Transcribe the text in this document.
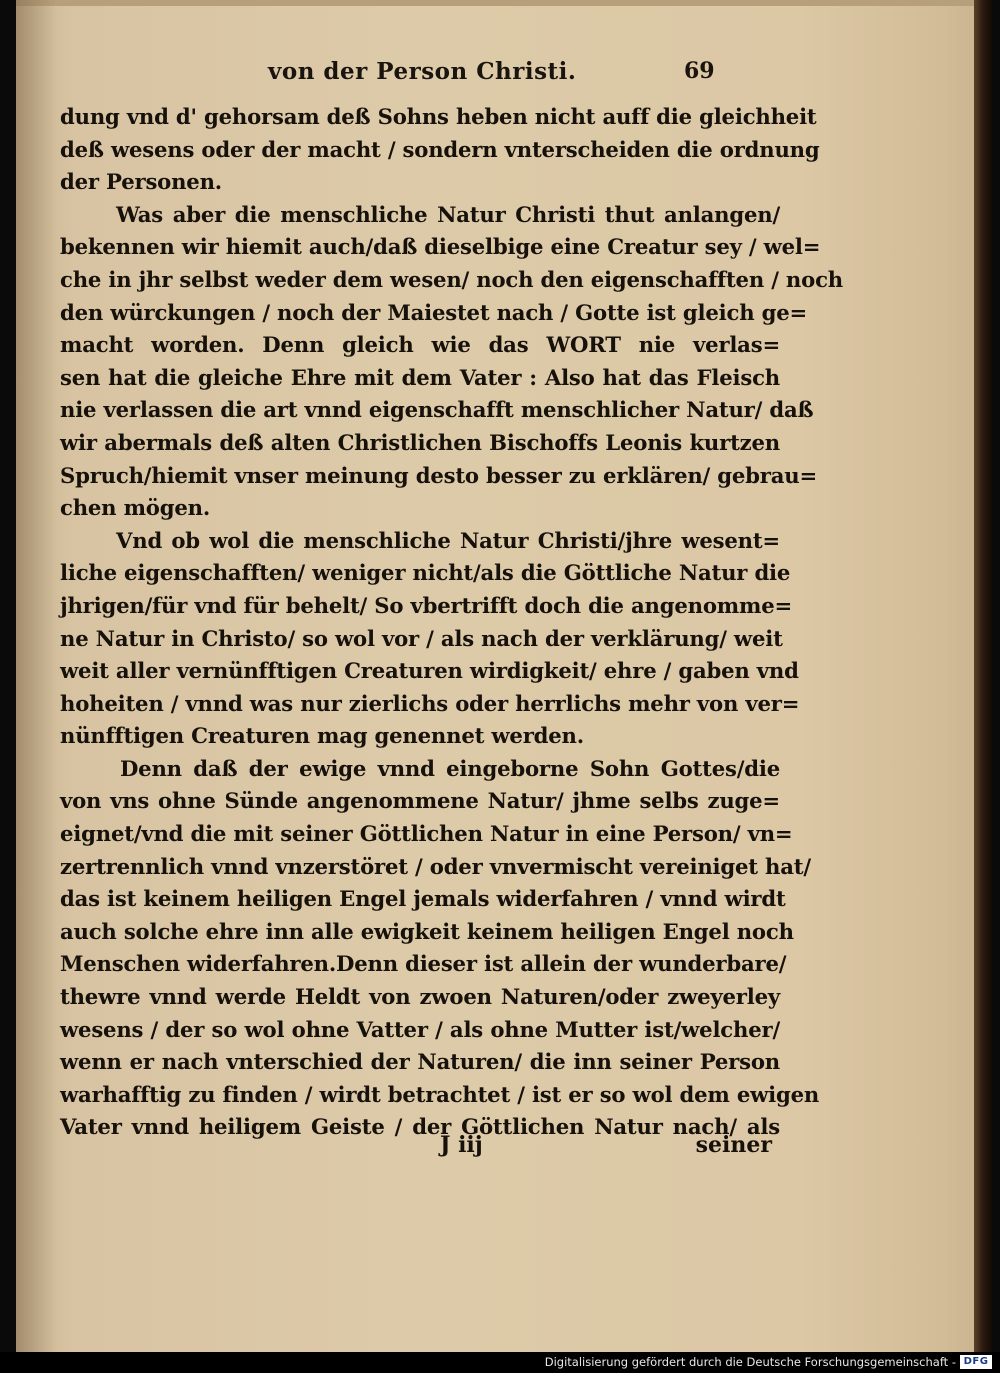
von der Person Christi.	69
dung vnd d' gehorsam deß Sohns heben nicht auff die gleichheit
deß wesens oder der macht / sondern vnterscheiden die ordnung
der Personen.
Was aber die menschliche Natur Christi thut anlangen/
bekennen wir hiemit auch/daß dieselbige eine Creatur sey / wel=
che in jhr selbst weder dem wesen/ noch den eigenschafften / noch
den würckungen / noch der Maiestet nach / Gotte ist gleich ge=
macht worden. Denn gleich wie das WORT nie verlas=
sen hat die gleiche Ehre mit dem Vater : Also hat das Fleisch
nie verlassen die art vnnd eigenschafft menschlicher Natur/ daß
wir abermals deß alten Christlichen Bischoffs Leonis kurtzen
Spruch/hiemit vnser meinung desto besser zu erklären/ gebrau=
chen mögen.
Vnd ob wol die menschliche Natur Christi/jhre wesent=
liche eigenschafften/ weniger nicht/als die Göttliche Natur die
jhrigen/für vnd für behelt/ So vbertrifft doch die angenomme=
ne Natur in Christo/ so wol vor / als nach der verklärung/ weit
weit aller vernünfftigen Creaturen wirdigkeit/ ehre / gaben vnd
hoheiten / vnnd was nur zierlichs oder herrlichs mehr von ver=
nünfftigen Creaturen mag genennet werden.
Denn daß der ewige vnnd eingeborne Sohn Gottes/die
von vns ohne Sünde angenommene Natur/ jhme selbs zuge=
eignet/vnd die mit seiner Göttlichen Natur in eine Person/ vn=
zertrennlich vnnd vnzerstöret / oder vnvermischt vereiniget hat/
das ist keinem heiligen Engel jemals widerfahren / vnnd wirdt
auch solche ehre inn alle ewigkeit keinem heiligen Engel noch
Menschen widerfahren.Denn dieser ist allein der wunderbare/
thewre vnnd werde Heldt von zwoen Naturen/oder zweyerley
wesens / der so wol ohne Vatter / als ohne Mutter ist/welcher/
wenn er nach vnterschied der Naturen/ die inn seiner Person
warhafftig zu finden / wirdt betrachtet / ist er so wol dem ewigen
Vater vnnd heiligem Geiste / der Göttlichen Natur nach/ als
J iij	seiner
Digitalisierung gefördert durch die Deutsche Forschungsgemeinschaft - DFG
